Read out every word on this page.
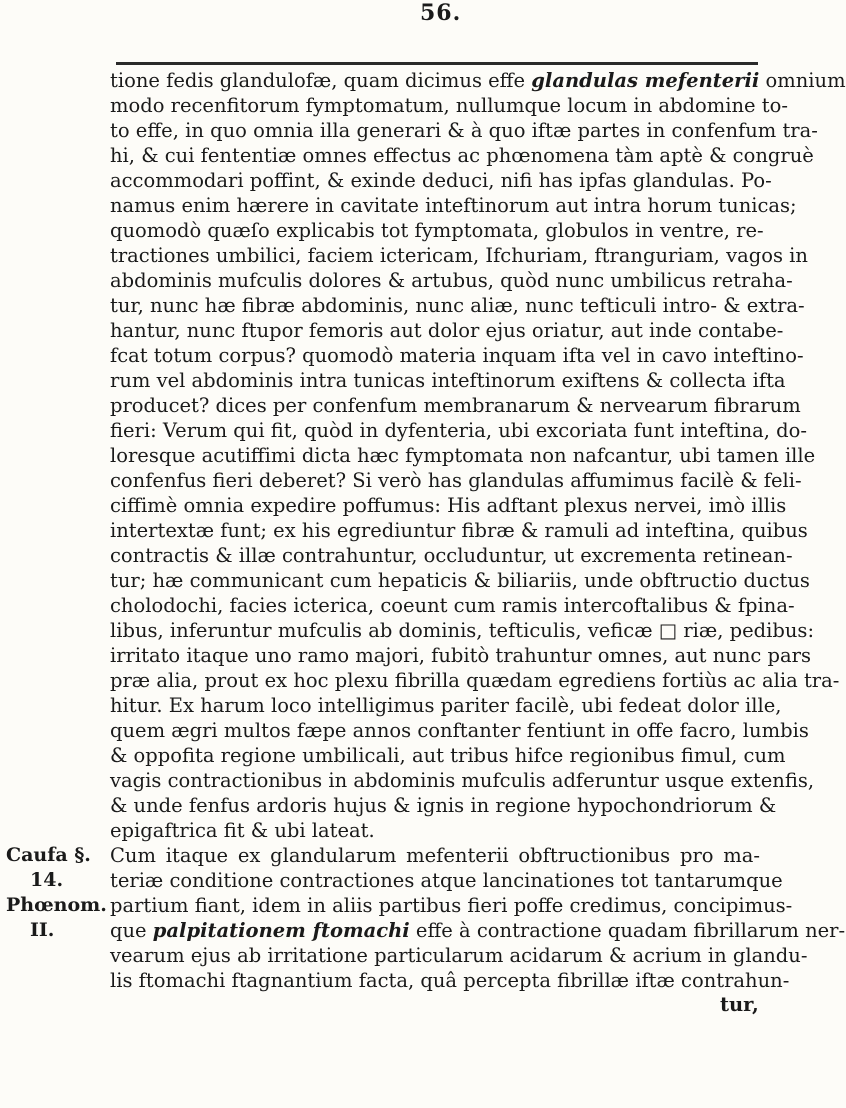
56.
tione fedis glandulofæ, quam dicimus effe glandulas mefenterii omnium
modo recenfitorum fymptomatum, nullumque locum in abdomine to-
to effe, in quo omnia illa generari & à quo iftæ partes in confenfum tra-
hi, & cui fententiæ omnes effectus ac phœnomena tàm aptè & congruè
accommodari poffint, & exinde deduci, nifi has ipfas glandulas. Po-
namus enim hærere in cavitate inteftinorum aut intra horum tunicas;
quomodò quæſo explicabis tot fymptomata, globulos in ventre, re-
tractiones umbilici, faciem ictericam, Ifchuriam, ftranguriam, vagos in
abdominis mufculis dolores & artubus, quòd nunc umbilicus retraha-
tur, nunc hæ fibræ abdominis, nunc aliæ, nunc tefticuli intro- & extra-
hantur, nunc ftupor femoris aut dolor ejus oriatur, aut inde contabe-
fcat totum corpus? quomodò materia inquam ifta vel in cavo inteftino-
rum vel abdominis intra tunicas inteftinorum exiftens & collecta ifta
producet? dices per confenfum membranarum & nervearum fibrarum
fieri: Verum qui fit, quòd in dyfenteria, ubi excoriata funt inteftina, do-
loresque acutiffimi dicta hæc fymptomata non nafcantur, ubi tamen ille
confenfus fieri deberet? Si verò has glandulas affumimus facilè & feli-
ciffimè omnia expedire poffumus: His adftant plexus nervei, imò illis
intertextæ funt; ex his egrediuntur fibræ & ramuli ad inteftina, quibus
contractis & illæ contrahuntur, occluduntur, ut excrementa retinean-
tur; hæ communicant cum hepaticis & biliariis, unde obftructio ductus
cholodochi, facies icterica, coeunt cum ramis intercoftalibus & fpina-
libus, inferuntur mufculis ab dominis, tefticulis, veficæ □ riæ, pedibus:
irritato itaque uno ramo majori, fubitò trahuntur omnes, aut nunc pars
præ alia, prout ex hoc plexu fibrilla quædam egrediens fortiùs ac alia tra-
hitur. Ex harum loco intelligimus pariter facilè, ubi fedeat dolor ille,
quem ægri multos fæpe annos conftanter fentiunt in offe facro, lumbis
& oppofita regione umbilicali, aut tribus hifce regionibus fimul, cum
vagis contractionibus in abdominis mufculis adferuntur usque extenfis,
& unde fenfus ardoris hujus & ignis in regione hypochondriorum &
epigaftrica fit & ubi lateat.
Cum itaque ex glandularum mefenterii obftructionibus pro ma-
teriæ conditione contractiones atque lancinationes tot tantarumque
partium fiant, idem in aliis partibus fieri poffe credimus, concipimus-
que palpitationem ftomachi effe à contractione quadam fibrillarum ner-
vearum ejus ab irritatione particularum acidarum & acrium in glandu-
lis ftomachi ftagnantium facta, quâ percepta fibrillæ iftæ contrahun-
Caufa §.
14.
Phœnom.
II.
tur,
